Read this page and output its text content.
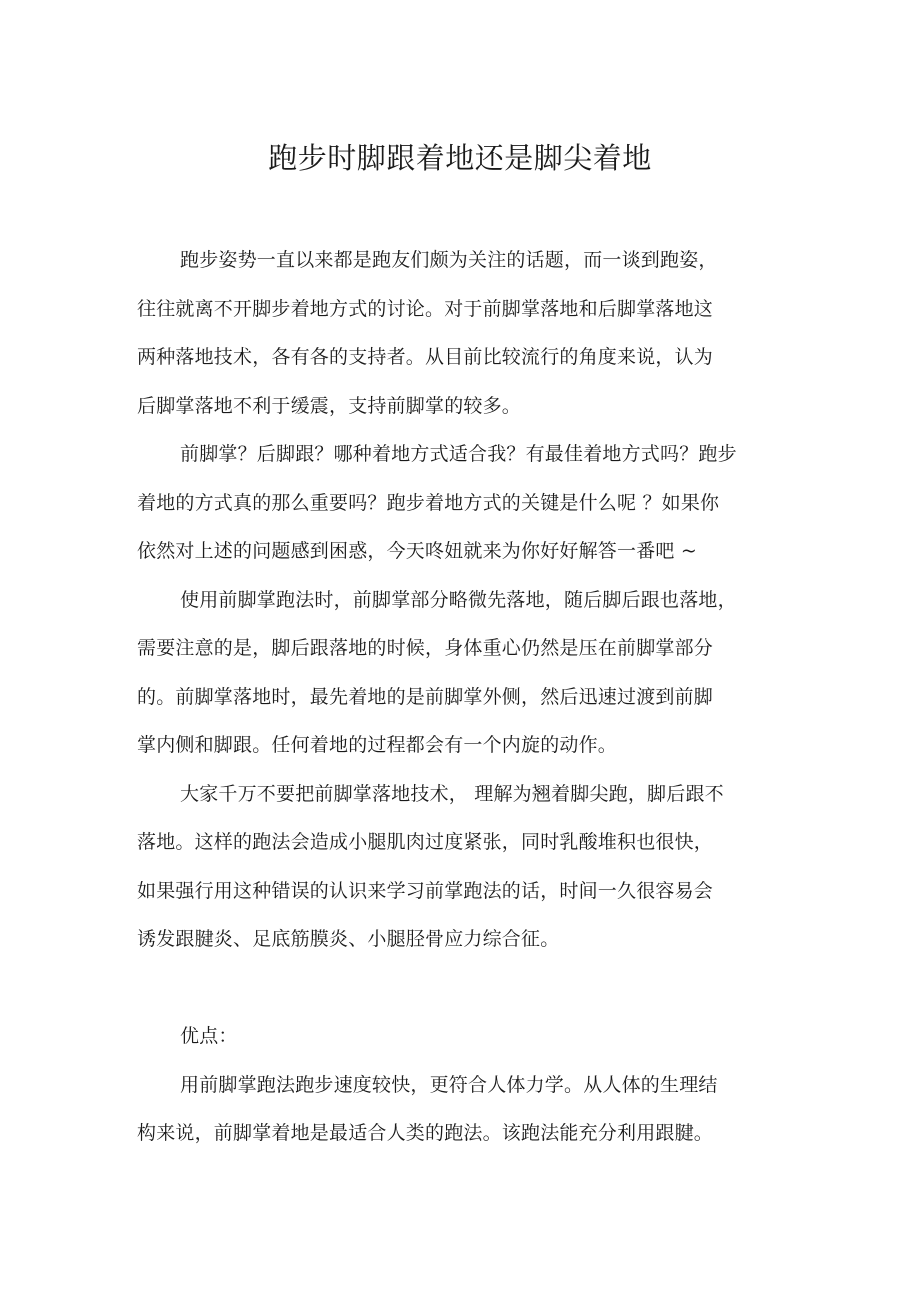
跑步时脚跟着地还是脚尖着地
跑步姿势一直以来都是跑友们颇为关注的话题，而一谈到跑姿，
往往就离不开脚步着地方式的讨论。对于前脚掌落地和后脚掌落地这
两种落地技术，各有各的支持者。从目前比较流行的角度来说，认为
后脚掌落地不利于缓震，支持前脚掌的较多。
前脚掌？后脚跟？哪种着地方式适合我？有最佳着地方式吗？跑步
着地的方式真的那么重要吗？跑步着地方式的关键是什么呢 ？如果你
依然对上述的问题感到困惑，今天咚妞就来为你好好解答一番吧 ~
使用前脚掌跑法时，前脚掌部分略微先落地，随后脚后跟也落地，
需要注意的是，脚后跟落地的时候，身体重心仍然是压在前脚掌部分
的。前脚掌落地时，最先着地的是前脚掌外侧，然后迅速过渡到前脚
掌内侧和脚跟。任何着地的过程都会有一个内旋的动作。
大家千万不要把前脚掌落地技术， 理解为翘着脚尖跑，脚后跟不
落地。这样的跑法会造成小腿肌肉过度紧张，同时乳酸堆积也很快，
如果强行用这种错误的认识来学习前掌跑法的话，时间一久很容易会
诱发跟腱炎、足底筋膜炎、小腿胫骨应力综合征。
优点：
用前脚掌跑法跑步速度较快，更符合人体力学。从人体的生理结
构来说，前脚掌着地是最适合人类的跑法。该跑法能充分利用跟腱。
